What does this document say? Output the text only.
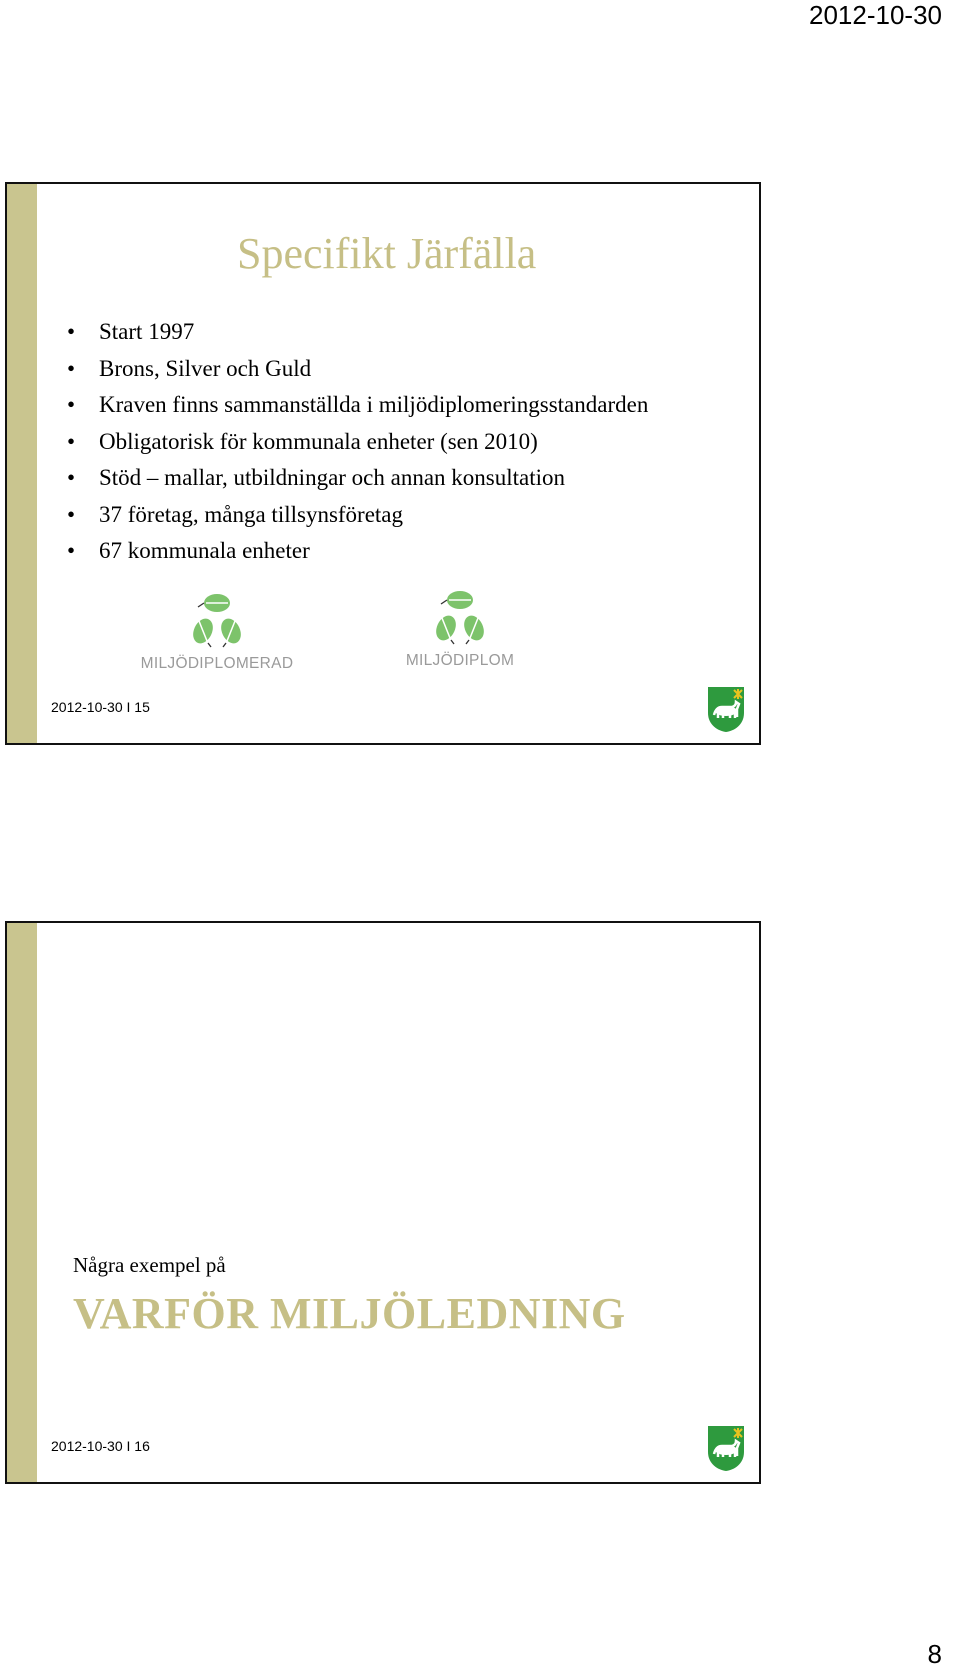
2012-10-30
Specifikt Järfälla
• Start 1997
• Brons, Silver och Guld
• Kraven finns sammanställda i miljödiplomeringsstandarden
• Obligatorisk för kommunala enheter (sen 2010)
• Stöd – mallar, utbildningar och annan konsultation
• 37 företag, många tillsynsföretag
• 67 kommunala enheter
MILJÖDIPLOMERAD	MILJÖDIPLOM
2012-10-30 I 15

Några exempel på

VARFÖR MILJÖLEDNING
2012-10-30 I 16
8
